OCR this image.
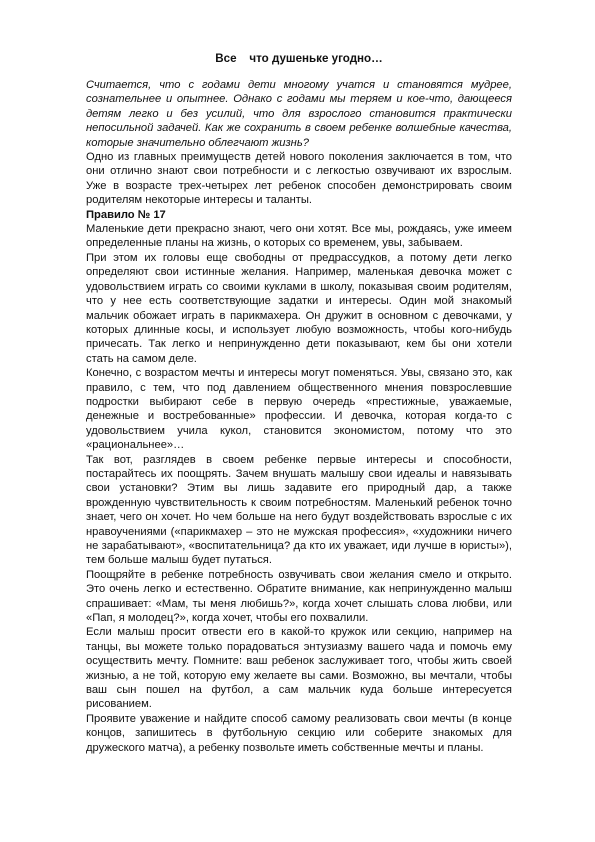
Все    что душеньке угодно…

Считается, что с годами дети многому учатся и становятся мудрее, сознательнее и опытнее. Однако с годами мы теряем и кое-что, дающееся детям легко и без усилий, что для взрослого становится практически непосильной задачей. Как же сохранить в своем ребенке волшебные качества, которые значительно облегчают жизнь?

Одно из главных преимуществ детей нового поколения заключается в том, что они отлично знают свои потребности и с легкостью озвучивают их взрослым. Уже в возрасте трех-четырех лет ребенок способен демонстрировать своим родителям некоторые интересы и таланты.

Правило № 17

Маленькие дети прекрасно знают, чего они хотят. Все мы, рождаясь, уже имеем определенные планы на жизнь, о которых со временем, увы, забываем.

При этом их головы еще свободны от предрассудков, а потому дети легко определяют свои истинные желания. Например, маленькая девочка может с удовольствием играть со своими куклами в школу, показывая своим родителям, что у нее есть соответствующие задатки и интересы. Один мой знакомый мальчик обожает играть в парикмахера. Он дружит в основном с девочками, у которых длинные косы, и использует любую возможность, чтобы кого-нибудь причесать. Так легко и непринужденно дети показывают, кем бы они хотели стать на самом деле.

Конечно, с возрастом мечты и интересы могут поменяться. Увы, связано это, как правило, с тем, что под давлением общественного мнения повзрослевшие подростки выбирают себе в первую очередь «престижные, уважаемые, денежные и востребованные» профессии. И девочка, которая когда-то с удовольствием учила кукол, становится экономистом, потому что это «рациональнее»…

Так вот, разглядев в своем ребенке первые интересы и способности, постарайтесь их поощрять. Зачем внушать малышу свои идеалы и навязывать свои установки? Этим вы лишь задавите его природный дар, а также врожденную чувствительность к своим потребностям. Маленький ребенок точно знает, чего он хочет. Но чем больше на него будут воздействовать взрослые с их нравоучениями («парикмахер – это не мужская профессия», «художники ничего не зарабатывают», «воспитательница? да кто их уважает, иди лучше в юристы»), тем больше малыш будет путаться.

Поощряйте в ребенке потребность озвучивать свои желания смело и открыто. Это очень легко и естественно. Обратите внимание, как непринужденно малыш спрашивает: «Мам, ты меня любишь?», когда хочет слышать слова любви, или «Пап, я молодец?», когда хочет, чтобы его похвалили.

Если малыш просит отвести его в какой-то кружок или секцию, например на танцы, вы можете только порадоваться энтузиазму вашего чада и помочь ему осуществить мечту. Помните: ваш ребенок заслуживает того, чтобы жить своей жизнью, а не той, которую ему желаете вы сами. Возможно, вы мечтали, чтобы ваш сын пошел на футбол, а сам мальчик куда больше интересуется рисованием.

Проявите уважение и найдите способ самому реализовать свои мечты (в конце концов, запишитесь в футбольную секцию или соберите знакомых для дружеского матча), а ребенку позвольте иметь собственные мечты и планы.
